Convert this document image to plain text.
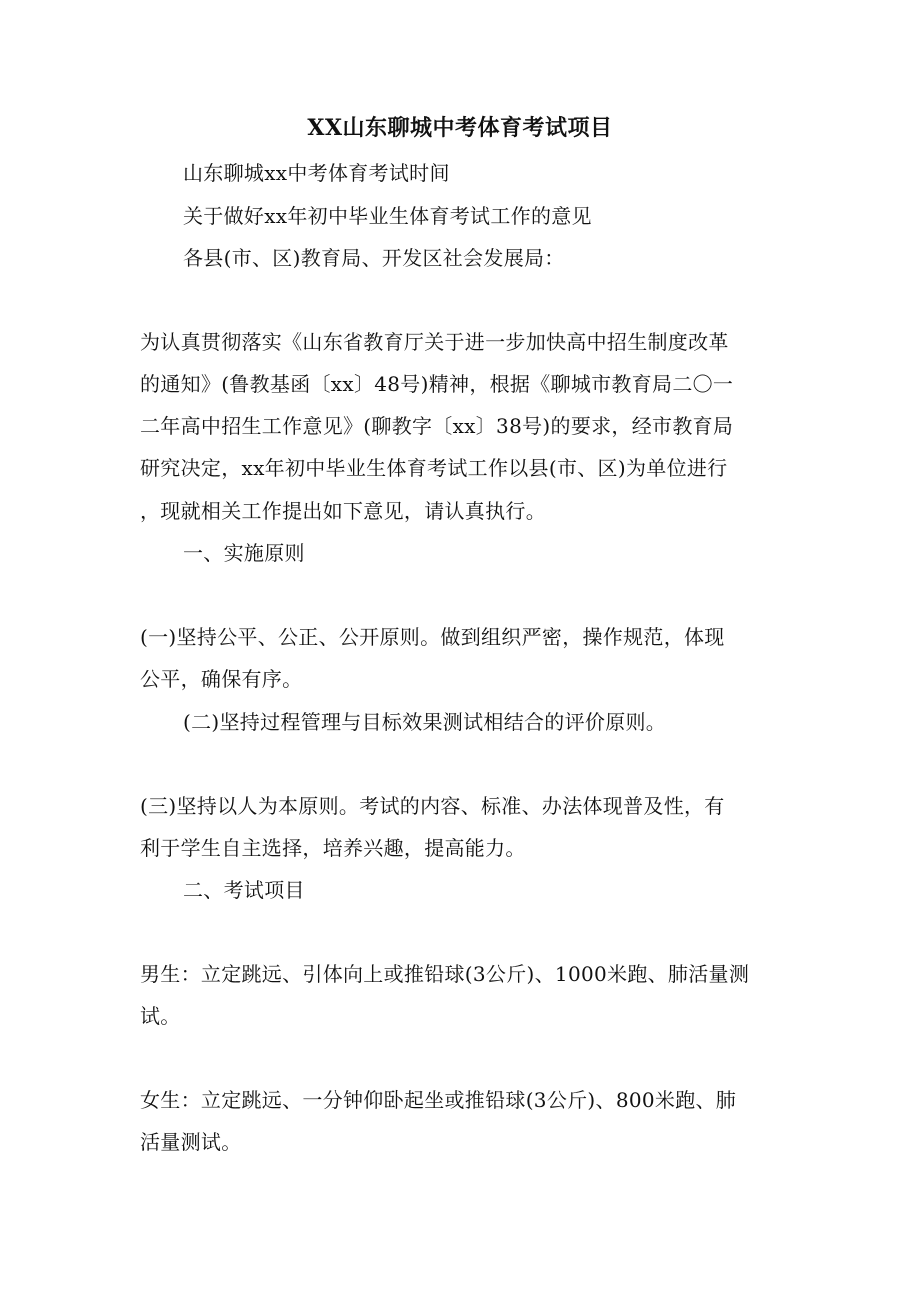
XX山东聊城中考体育考试项目
山东聊城xx中考体育考试时间
关于做好xx年初中毕业生体育考试工作的意见
各县(市、区)教育局、开发区社会发展局：
为认真贯彻落实《山东省教育厅关于进一步加快高中招生制度改革
的通知》(鲁教基函〔xx〕48号)精神，根据《聊城市教育局二〇一
二年高中招生工作意见》(聊教字〔xx〕38号)的要求，经市教育局
研究决定，xx年初中毕业生体育考试工作以县(市、区)为单位进行
，现就相关工作提出如下意见，请认真执行。
一、实施原则
(一)坚持公平、公正、公开原则。做到组织严密，操作规范，体现
公平，确保有序。
(二)坚持过程管理与目标效果测试相结合的评价原则。
(三)坚持以人为本原则。考试的内容、标准、办法体现普及性，有
利于学生自主选择，培养兴趣，提高能力。
二、考试项目
男生：立定跳远、引体向上或推铅球(3公斤)、1000米跑、肺活量测
试。
女生：立定跳远、一分钟仰卧起坐或推铅球(3公斤)、800米跑、肺
活量测试。
